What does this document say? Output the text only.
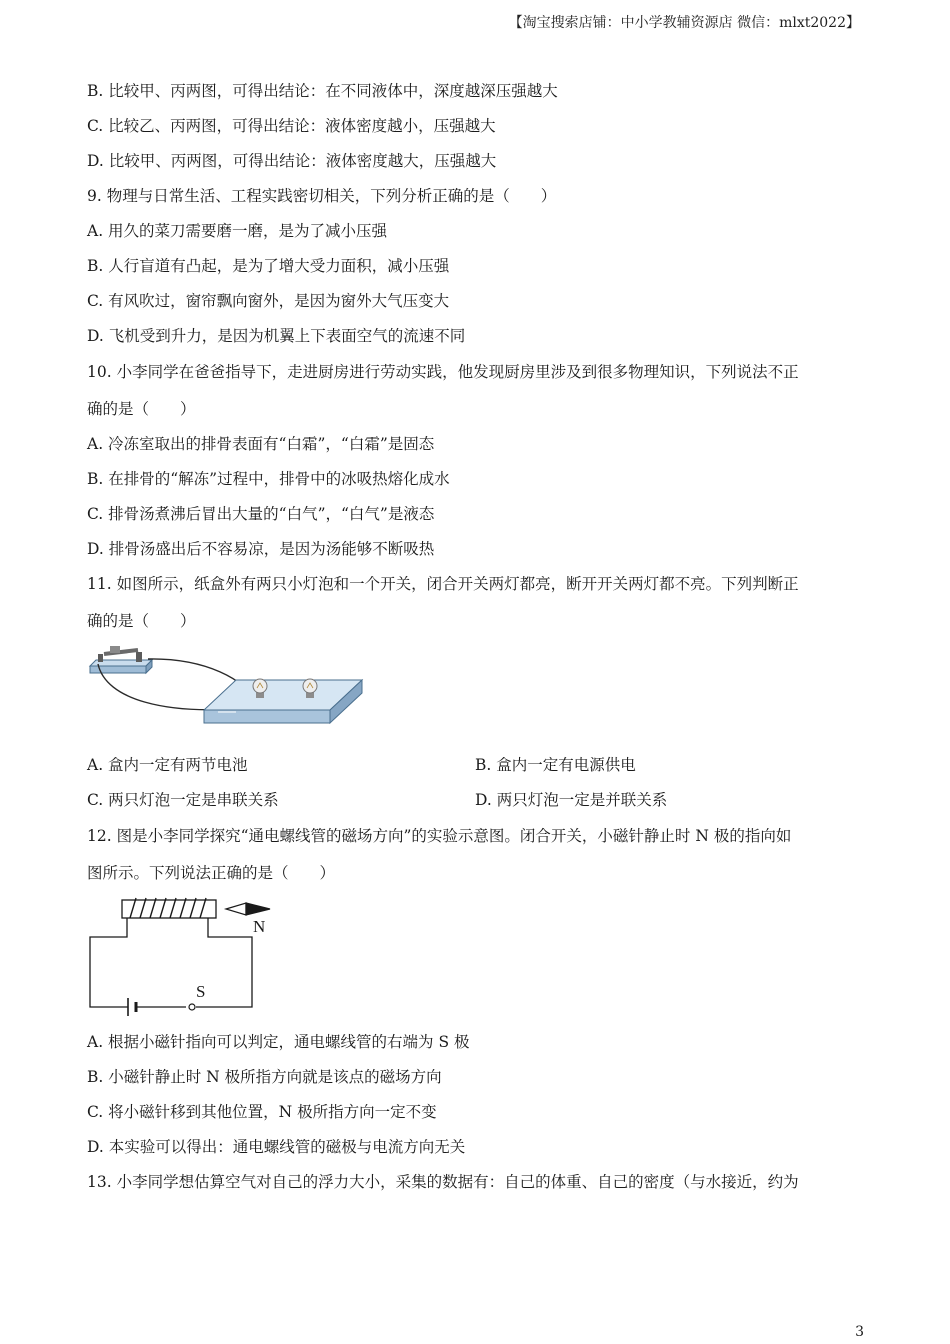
【淘宝搜索店铺：中小学教辅资源店 微信：mlxt2022】
B. 比较甲、丙两图，可得出结论：在不同液体中，深度越深压强越大
C. 比较乙、丙两图，可得出结论：液体密度越小，压强越大
D. 比较甲、丙两图，可得出结论：液体密度越大，压强越大
9. 物理与日常生活、工程实践密切相关，下列分析正确的是（　　）
A. 用久的菜刀需要磨一磨，是为了减小压强
B. 人行盲道有凸起，是为了增大受力面积，减小压强
C. 有风吹过，窗帘飘向窗外，是因为窗外大气压变大
D. 飞机受到升力，是因为机翼上下表面空气的流速不同
10. 小李同学在爸爸指导下，走进厨房进行劳动实践，他发现厨房里涉及到很多物理知识，下列说法不正
确的是（　　）
A. 冷冻室取出的排骨表面有“白霜”，“白霜”是固态
B. 在排骨的“解冻”过程中，排骨中的冰吸热熔化成水
C. 排骨汤煮沸后冒出大量的“白气”，“白气”是液态
D. 排骨汤盛出后不容易凉，是因为汤能够不断吸热
11. 如图所示，纸盒外有两只小灯泡和一个开关，闭合开关两灯都亮，断开开关两灯都不亮。下列判断正
确的是（　　）
A. 盒内一定有两节电池	B. 盒内一定有电源供电
C. 两只灯泡一定是串联关系	D. 两只灯泡一定是并联关系
12. 图是小李同学探究“通电螺线管的磁场方向”的实验示意图。闭合开关，小磁针静止时 N 极的指向如
图所示。下列说法正确的是（　　）
N
S
A. 根据小磁针指向可以判定，通电螺线管的右端为 S 极
B. 小磁针静止时 N 极所指方向就是该点的磁场方向
C. 将小磁针移到其他位置，N 极所指方向一定不变
D. 本实验可以得出：通电螺线管的磁极与电流方向无关
13. 小李同学想估算空气对自己的浮力大小，采集的数据有：自己的体重、自己的密度（与水接近，约为
3
